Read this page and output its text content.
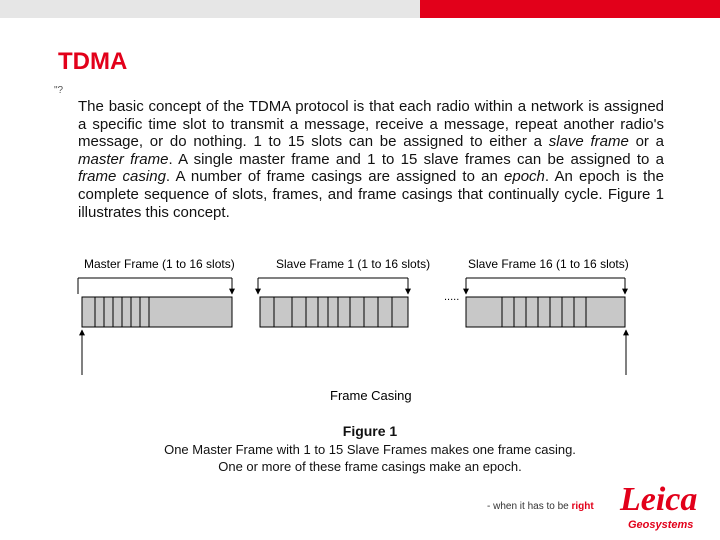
TDMA
"?
The basic concept of the TDMA protocol is that each radio within a network is assigned a specific time slot to transmit a message, receive a message, repeat another radio's message, or do nothing. 1 to 15 slots can be assigned to either a slave frame or a master frame. A single master frame and 1 to 15 slave frames can be assigned to a frame casing. A number of frame casings are assigned to an epoch. An epoch is the complete sequence of slots, frames, and frame casings that continually cycle. Figure 1 illustrates this concept.
Master Frame (1 to 16 slots)	Slave Frame 1 (1 to 16 slots)	Slave Frame 16 (1 to 16 slots)
.....
Frame Casing
Figure 1
One Master Frame with 1 to 15 Slave Frames makes one frame casing.
One or more of these frame casings make an epoch.
- when it has to be right Leica
Geosystems
